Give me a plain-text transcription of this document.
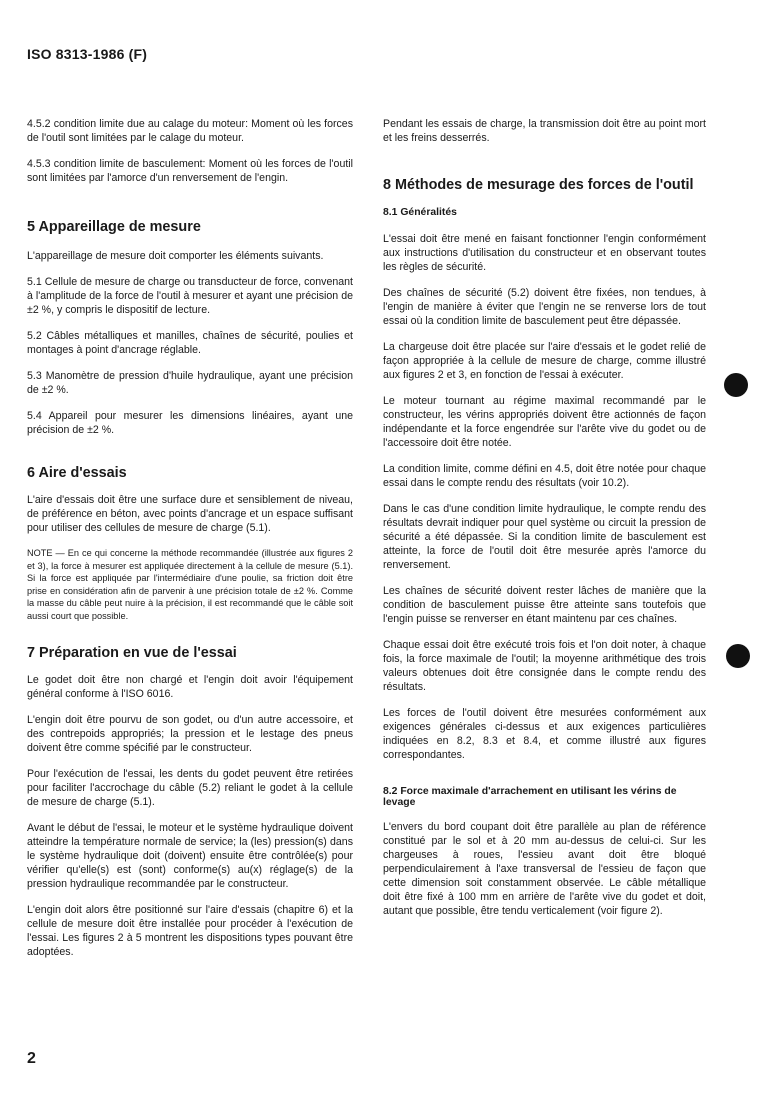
ISO 8313-1986 (F)

4.5.2 condition limite due au calage du moteur: Moment où les forces de l'outil sont limitées par le calage du moteur.

4.5.3 condition limite de basculement: Moment où les forces de l'outil sont limitées par l'amorce d'un renversement de l'engin.

5 Appareillage de mesure

L'appareillage de mesure doit comporter les éléments suivants.

5.1 Cellule de mesure de charge ou transducteur de force, convenant à l'amplitude de la force de l'outil à mesurer et ayant une précision de ±2 %, y compris le dispositif de lecture.

5.2 Câbles métalliques et manilles, chaînes de sécurité, poulies et montages à point d'ancrage réglable.

5.3 Manomètre de pression d'huile hydraulique, ayant une précision de ±2 %.

5.4 Appareil pour mesurer les dimensions linéaires, ayant une précision de ±2 %.

6 Aire d'essais

L'aire d'essais doit être une surface dure et sensiblement de niveau, de préférence en béton, avec points d'ancrage et un espace suffisant pour utiliser des cellules de mesure de charge (5.1).

NOTE — En ce qui concerne la méthode recommandée (illustrée aux figures 2 et 3), la force à mesurer est appliquée directement à la cellule de mesure (5.1). Si la force est appliquée par l'intermédiaire d'une poulie, sa friction doit être prise en considération afin de parvenir à une précision totale de ±2 %. Comme la masse du câble peut nuire à la précision, il est recommandé que le câble soit aussi court que possible.

7 Préparation en vue de l'essai

Le godet doit être non chargé et l'engin doit avoir l'équipement général conforme à l'ISO 6016.

L'engin doit être pourvu de son godet, ou d'un autre accessoire, et des contrepoids appropriés; la pression et le lestage des pneus doivent être comme spécifié par le constructeur.

Pour l'exécution de l'essai, les dents du godet peuvent être retirées pour faciliter l'accrochage du câble (5.2) reliant le godet à la cellule de mesure de charge (5.1).

Avant le début de l'essai, le moteur et le système hydraulique doivent atteindre la température normale de service; la (les) pression(s) dans le système hydraulique doit (doivent) ensuite être contrôlée(s) pour vérifier qu'elle(s) est (sont) conforme(s) au(x) réglage(s) de la pression hydraulique recommandée par le constructeur.

L'engin doit alors être positionné sur l'aire d'essais (chapitre 6) et la cellule de mesure doit être installée pour procéder à l'exécution de l'essai. Les figures 2 à 5 montrent les dispositions types pouvant être adoptées.

Pendant les essais de charge, la transmission doit être au point mort et les freins desserrés.

8 Méthodes de mesurage des forces de l'outil
8.1 Généralités

L'essai doit être mené en faisant fonctionner l'engin conformément aux instructions d'utilisation du constructeur et en observant toutes les règles de sécurité.

Des chaînes de sécurité (5.2) doivent être fixées, non tendues, à l'engin de manière à éviter que l'engin ne se renverse lors de tout essai où la condition limite de basculement peut être dépassée.

La chargeuse doit être placée sur l'aire d'essais et le godet relié de façon appropriée à la cellule de mesure de charge, comme illustré aux figures 2 et 3, en fonction de l'essai à exécuter.

Le moteur tournant au régime maximal recommandé par le constructeur, les vérins appropriés doivent être actionnés de façon indépendante et la force engendrée sur l'arête vive du godet ou de l'accessoire doit être notée.

La condition limite, comme défini en 4.5, doit être notée pour chaque essai dans le compte rendu des résultats (voir 10.2).

Dans le cas d'une condition limite hydraulique, le compte rendu des résultats devrait indiquer pour quel système ou circuit la pression de sécurité a été dépassée. Si la condition limite de basculement est atteinte, la force de l'outil doit être mesurée après l'amorce du renversement.

Les chaînes de sécurité doivent rester lâches de manière que la condition de basculement puisse être atteinte sans toutefois que l'engin puisse se renverser en étant maintenu par ces chaînes.

Chaque essai doit être exécuté trois fois et l'on doit noter, à chaque fois, la force maximale de l'outil; la moyenne arithmétique des trois valeurs obtenues doit être consignée dans le compte rendu des résultats.

Les forces de l'outil doivent être mesurées conformément aux exigences générales ci-dessus et aux exigences particulières indiquées en 8.2, 8.3 et 8.4, et comme illustré aux figures correspondantes.

8.2 Force maximale d'arrachement en utilisant les vérins de levage

L'envers du bord coupant doit être parallèle au plan de référence constitué par le sol et à 20 mm au-dessus de celui-ci. Sur les chargeuses à roues, l'essieu avant doit être bloqué perpendiculairement à l'axe transversal de l'essieu de façon que cette dimension soit constamment observée. Le câble métallique doit être fixé à 100 mm en arrière de l'arête vive du godet et doit, autant que possible, être tendu verticalement (voir figure 2).

2
